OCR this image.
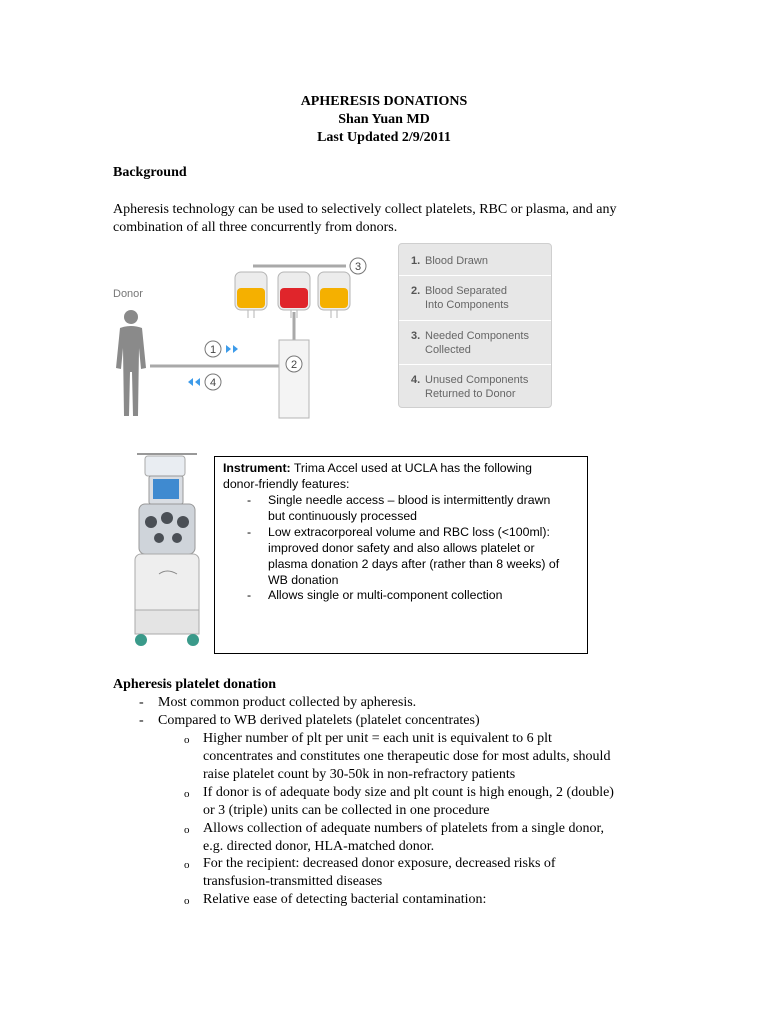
APHERESIS DONATIONS
Shan Yuan MD
Last Updated 2/9/2011
Background
Apheresis technology can be used to selectively collect platelets, RBC or plasma, and any
combination of all three concurrently from donors.
Donor
3
2
1
4
1. Blood Drawn
2. Blood Separated
Into Components
3. Needed Components
Collected
4. Unused Components
Returned to Donor
Instrument: Trima Accel used at UCLA has the following
donor-friendly features:
- Single needle access – blood is intermittently drawn
but continuously processed
- Low extracorporeal volume and RBC loss (<100ml):
improved donor safety and also allows platelet or
plasma donation 2 days after (rather than 8 weeks) of
WB donation
- Allows single or multi-component collection
Apheresis platelet donation
- Most common product collected by apheresis.
- Compared to WB derived platelets (platelet concentrates)
o Higher number of plt per unit = each unit is equivalent to 6 plt
concentrates and constitutes one therapeutic dose for most adults, should
raise platelet count by 30-50k in non-refractory patients
o If donor is of adequate body size and plt count is high enough, 2 (double)
or 3 (triple) units can be collected in one procedure
o Allows collection of adequate numbers of platelets from a single donor,
e.g. directed donor, HLA-matched donor.
o For the recipient: decreased donor exposure, decreased risks of
transfusion-transmitted diseases
o Relative ease of detecting bacterial contamination:
